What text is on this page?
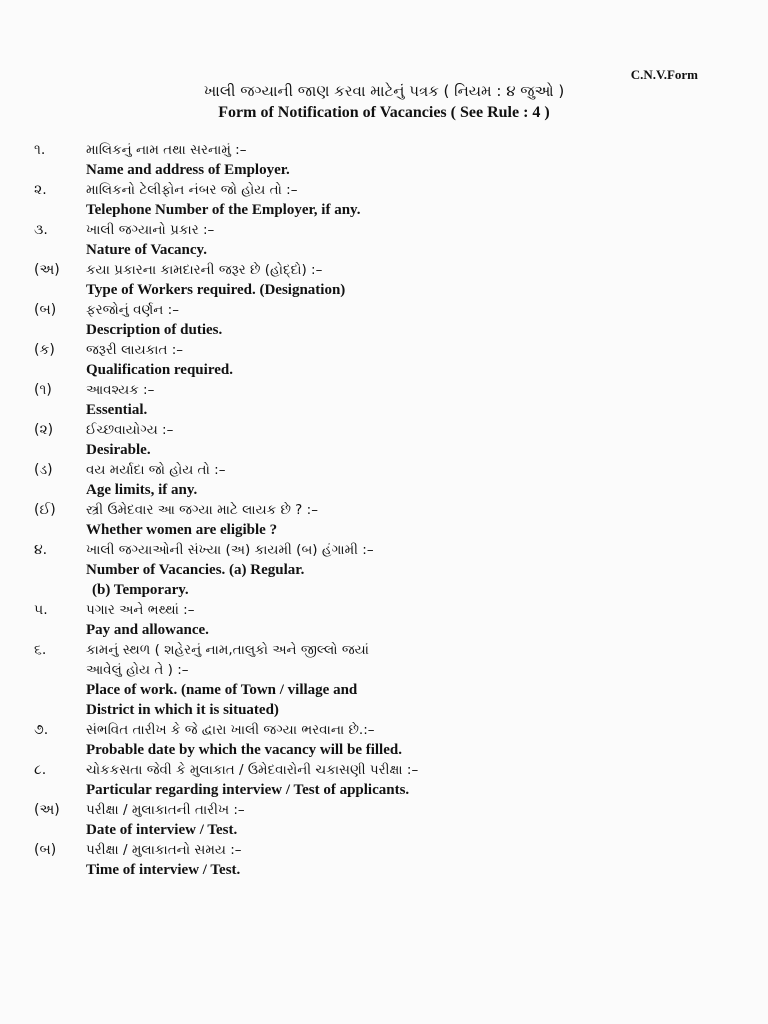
C.N.V.Form
ખાલી જગ્યાની જાણ કરવા માટેનું પત્રક ( નિયમ : ૪ જુઓ )
Form of Notification of Vacancies ( See Rule : 4 )
૧.	માલિકનું નામ તથા સરનામું :–
Name and address of Employer.
૨.	માલિકનો ટેલીફોન નંબર જો હોય તો :–
Telephone Number of the Employer, if any.
૩.	ખાલી જગ્યાનો પ્રકાર :–
Nature of Vacancy.
(અ)	કયા પ્રકારના કામદારની જરૂર છે (હોદ્દો) :–
Type of Workers required. (Designation)
(બ)	ફરજોનું વર્ણન :–
Description of duties.
(ક)	જરૂરી લાયકાત :–
Qualification required.
(૧)	આવશ્યક :–
Essential.
(૨)	ઈચ્છવાયોગ્ય :–
Desirable.
(ડ)	વય મર્યાદા જો હોય તો :–
Age limits, if any.
(ઈ)	સ્ત્રી ઉમેદવાર આ જગ્યા માટે લાયક છે ? :–
Whether women are eligible ?
૪.	ખાલી જગ્યાઓની સંખ્યા (અ) કાયમી (બ) હંગામી :–
Number of Vacancies. (a) Regular.
(b) Temporary.
૫.	પગાર અને ભથ્થાં :–
Pay and allowance.
૬.	કામનું સ્થળ ( શહેરનું નામ,તાલુકો અને જીલ્લો જયાં
આવેલું હોય તે ) :–
Place of work. (name of Town / village and
District in which it is situated)
૭.	સંભવિત તારીખ કે જે દ્વારા ખાલી જગ્યા ભરવાના છે.:–
Probable date by which the vacancy will be filled.
૮.	ચોકકસતા જેવી કે મુલાકાત / ઉમેદવારોની ચકાસણી પરીક્ષા :–
Particular regarding interview / Test of applicants.
(અ)	પરીક્ષા / મુલાકાતની તારીખ :–
Date of interview / Test.
(બ)	પરીક્ષા / મુલાકાતનો સમય :–
Time of interview / Test.
